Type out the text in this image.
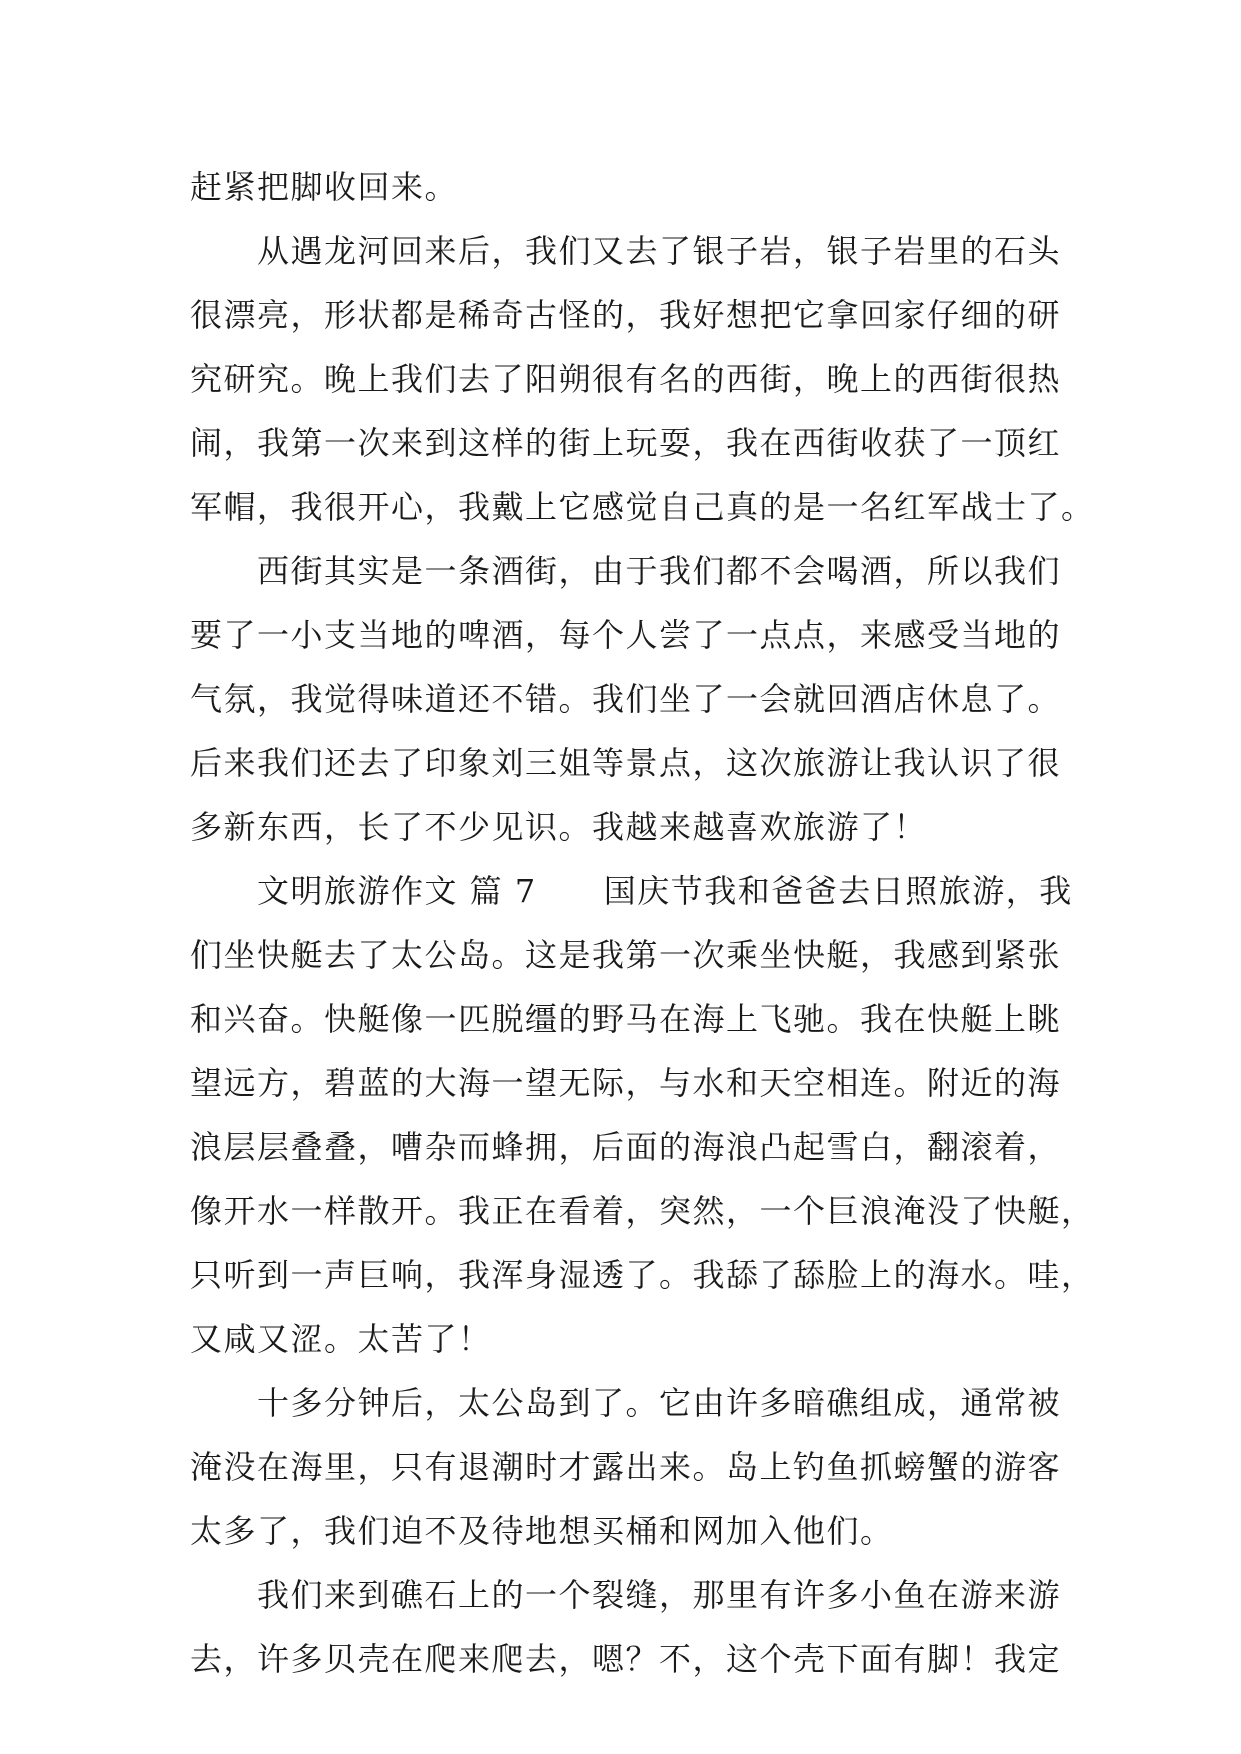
赶紧把脚收回来。
　　从遇龙河回来后，我们又去了银子岩，银子岩里的石头
很漂亮，形状都是稀奇古怪的，我好想把它拿回家仔细的研
究研究。晚上我们去了阳朔很有名的西街，晚上的西街很热
闹，我第一次来到这样的街上玩耍，我在西街收获了一顶红
军帽，我很开心，我戴上它感觉自己真的是一名红军战士了。
　　西街其实是一条酒街，由于我们都不会喝酒，所以我们
要了一小支当地的啤酒，每个人尝了一点点，来感受当地的
气氛，我觉得味道还不错。我们坐了一会就回酒店休息了。
后来我们还去了印象刘三姐等景点，这次旅游让我认识了很
多新东西，长了不少见识。我越来越喜欢旅游了！
　　文明旅游作文 篇 7　　国庆节我和爸爸去日照旅游，我
们坐快艇去了太公岛。这是我第一次乘坐快艇，我感到紧张
和兴奋。快艇像一匹脱缰的野马在海上飞驰。我在快艇上眺
望远方，碧蓝的大海一望无际，与水和天空相连。附近的海
浪层层叠叠，嘈杂而蜂拥，后面的海浪凸起雪白，翻滚着，
像开水一样散开。我正在看着，突然，一个巨浪淹没了快艇，
只听到一声巨响，我浑身湿透了。我舔了舔脸上的海水。哇，
又咸又涩。太苦了！
　　十多分钟后，太公岛到了。它由许多暗礁组成，通常被
淹没在海里，只有退潮时才露出来。岛上钓鱼抓螃蟹的游客
太多了，我们迫不及待地想买桶和网加入他们。
　　我们来到礁石上的一个裂缝，那里有许多小鱼在游来游
去，许多贝壳在爬来爬去，嗯？不，这个壳下面有脚！我定
